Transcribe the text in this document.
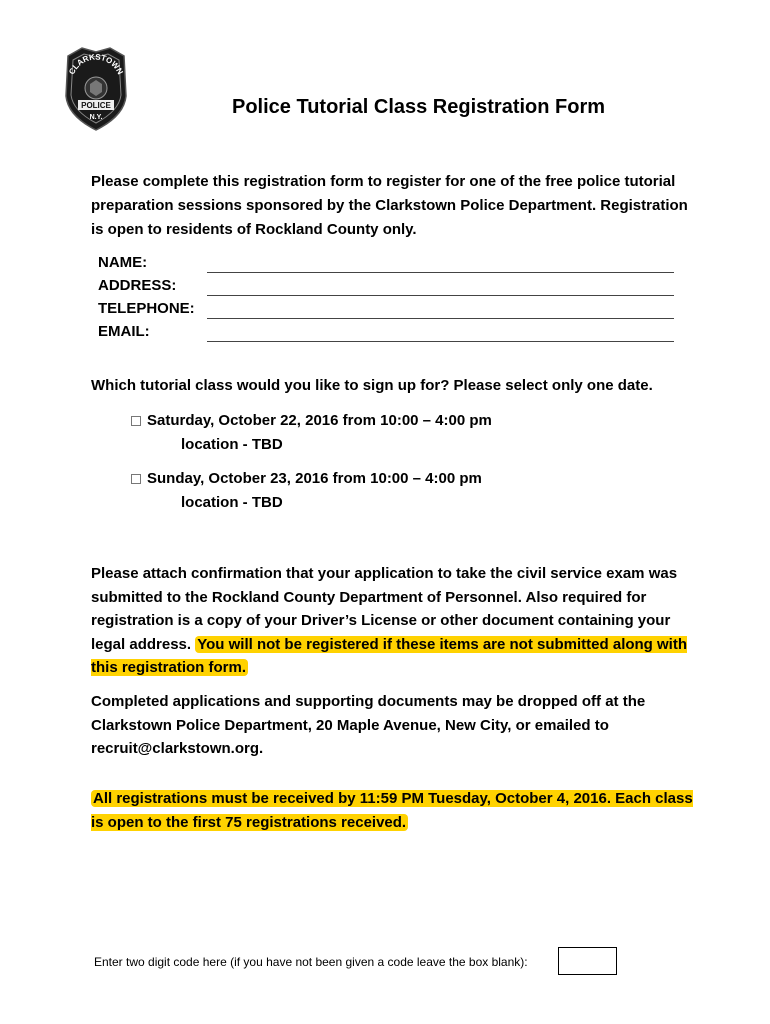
CLARKSTOWN
POLICE
N.Y.	Police Tutorial Class Registration Form
Please complete this registration form to register for one of the free police tutorial preparation sessions sponsored by the Clarkstown Police Department. Registration is open to residents of Rockland County only.
NAME:
ADDRESS:
TELEPHONE:
EMAIL:
Which tutorial class would you like to sign up for? Please select only one date.
Saturday, October 22, 2016 from 10:00 – 4:00 pm
location - TBD
Sunday, October 23, 2016 from 10:00 – 4:00 pm
location - TBD
Please attach confirmation that your application to take the civil service exam was submitted to the Rockland County Department of Personnel. Also required for registration is a copy of your Driver’s License or other document containing your legal address. You will not be registered if these items are not submitted along with this registration form.
Completed applications and supporting documents may be dropped off at the Clarkstown Police Department, 20 Maple Avenue, New City, or emailed to recruit@clarkstown.org.
All registrations must be received by 11:59 PM Tuesday, October 4, 2016. Each class is open to the first 75 registrations received.
Enter two digit code here (if you have not been given a code leave the box blank):
